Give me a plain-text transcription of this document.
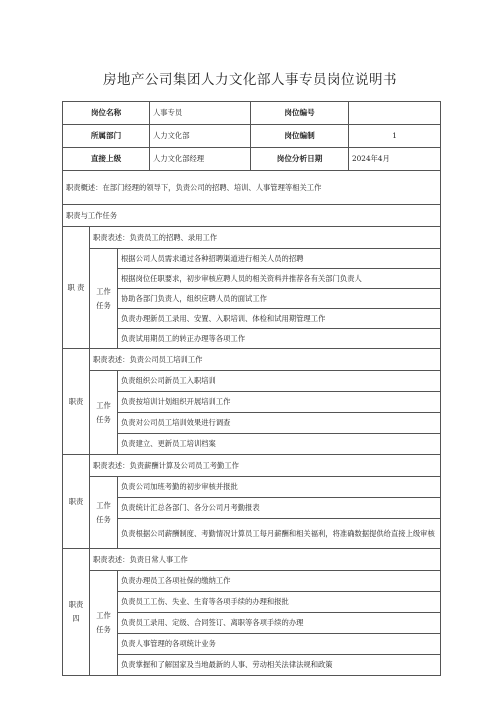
房地产公司集团人力文化部人事专员岗位说明书
岗位名称			人事专员	岗位编号	
所属部门			人力文化部	岗位编制	1
直接上级			人力文化部经理	岗位分析日期	2024年4月
职责概述：在部门经理的领导下，负责公司的招聘、培训、人事管理等相关工作					
职责与工作任务					
职 责	职责表述：负责员工的招聘、录用工作				
	工作 任务	根据公司人员需求通过各种招聘渠道进行相关人员的招聘			
		根据岗位任职要求，初步审核应聘人员的相关资料并推荐各有关部门负责人			
		协助各部门负责人，组织应聘人员的面试工作			
		负责办理新员工录用、安置、入职培训、体检和试用期管理工作			
		负责试用期员工的转正办理等各项工作			
职责	职责表述：负责公司员工培训工作				
	工作 任务	负责组织公司新员工入职培训			
		负责按培训计划组织开展培训工作			
		负责对公司员工培训效果进行调查			
		负责建立、更新员工培训档案			
职责	职责表述：负责薪酬计算及公司员工考勤工作				
	工作 任务	负责公司加班考勤的初步审核并报批			
		负责统计汇总各部门、各分公司月考勤报表			
		负责根据公司薪酬制度、考勤情况计算员工每月薪酬和相关福利，将准确数据提供给直接上级审核			
职责四	职责表述：负责日常人事工作				
	工作 任务	负责办理员工各项社保的缴纳工作			
		负责员工工伤、失业、生育等各项手续的办理和报批			
		负责员工录用、定级、合同签订、离职等各项手续的办理			
		负责人事管理的各项统计业务			
		负责掌握和了解国家及当地最新的人事、劳动相关法律法规和政策			
